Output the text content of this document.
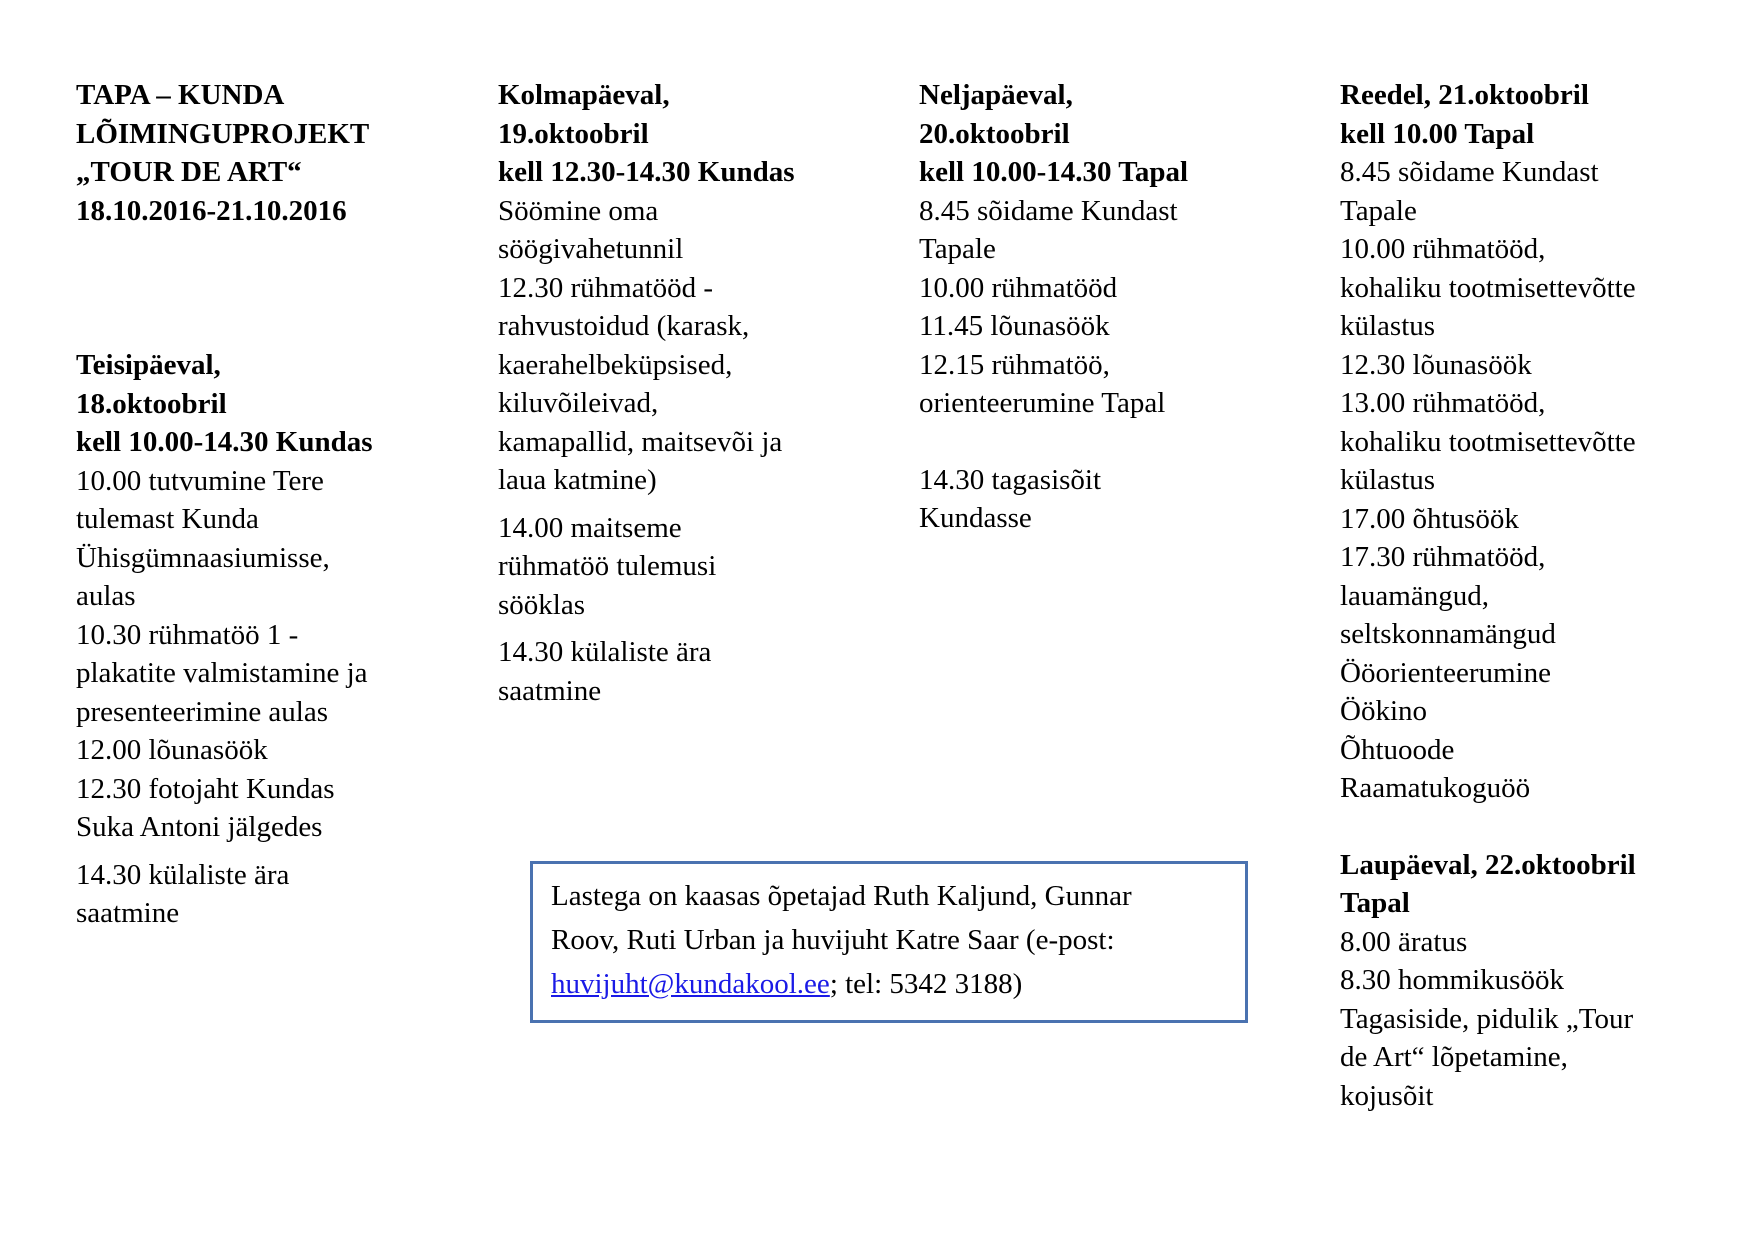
TAPA – KUNDA
LÕIMINGUPROJEKT
„TOUR DE ART“
18.10.2016-21.10.2016
Teisipäeval,
18.oktoobril
kell 10.00-14.30 Kundas
10.00 tutvumine Tere
tulemast Kunda
Ühisgümnaasiumisse,
aulas
10.30 rühmatöö 1 -
plakatite valmistamine ja
presenteerimine aulas
12.00 lõunasöök
12.30 fotojaht Kundas
Suka Antoni jälgedes
14.30 külaliste ära
saatmine
Kolmapäeval,
19.oktoobril
kell 12.30-14.30 Kundas
Söömine oma
söögivahetunnil
12.30 rühmatööd -
rahvustoidud (karask,
kaerahelbeküpsised,
kiluvõileivad,
kamapallid, maitsevõi ja
laua katmine)
14.00 maitseme
rühmatöö tulemusi
sööklas
14.30 külaliste ära
saatmine
Neljapäeval,
20.oktoobril
kell 10.00-14.30 Tapal
8.45 sõidame Kundast
Tapale
10.00 rühmatööd
11.45 lõunasöök
12.15 rühmatöö,
orienteerumine Tapal
14.30 tagasisõit
Kundasse
Reedel, 21.oktoobril
kell 10.00 Tapal
8.45 sõidame Kundast
Tapale
10.00 rühmatööd,
kohaliku tootmisettevõtte
külastus
12.30 lõunasöök
13.00 rühmatööd,
kohaliku tootmisettevõtte
külastus
17.00 õhtusöök
17.30 rühmatööd,
lauamängud,
seltskonnamängud
Ööorienteerumine
Öökino
Õhtuoode
Raamatukoguöö
Laupäeval, 22.oktoobril
Tapal
8.00 äratus
8.30 hommikusöök
Tagasiside, pidulik „Tour
de Art“ lõpetamine,
kojusõit
Lastega on kaasas õpetajad Ruth Kaljund, Gunnar
Roov, Ruti Urban ja huvijuht Katre Saar (e-post:
huvijuht@kundakool.ee; tel: 5342 3188)
